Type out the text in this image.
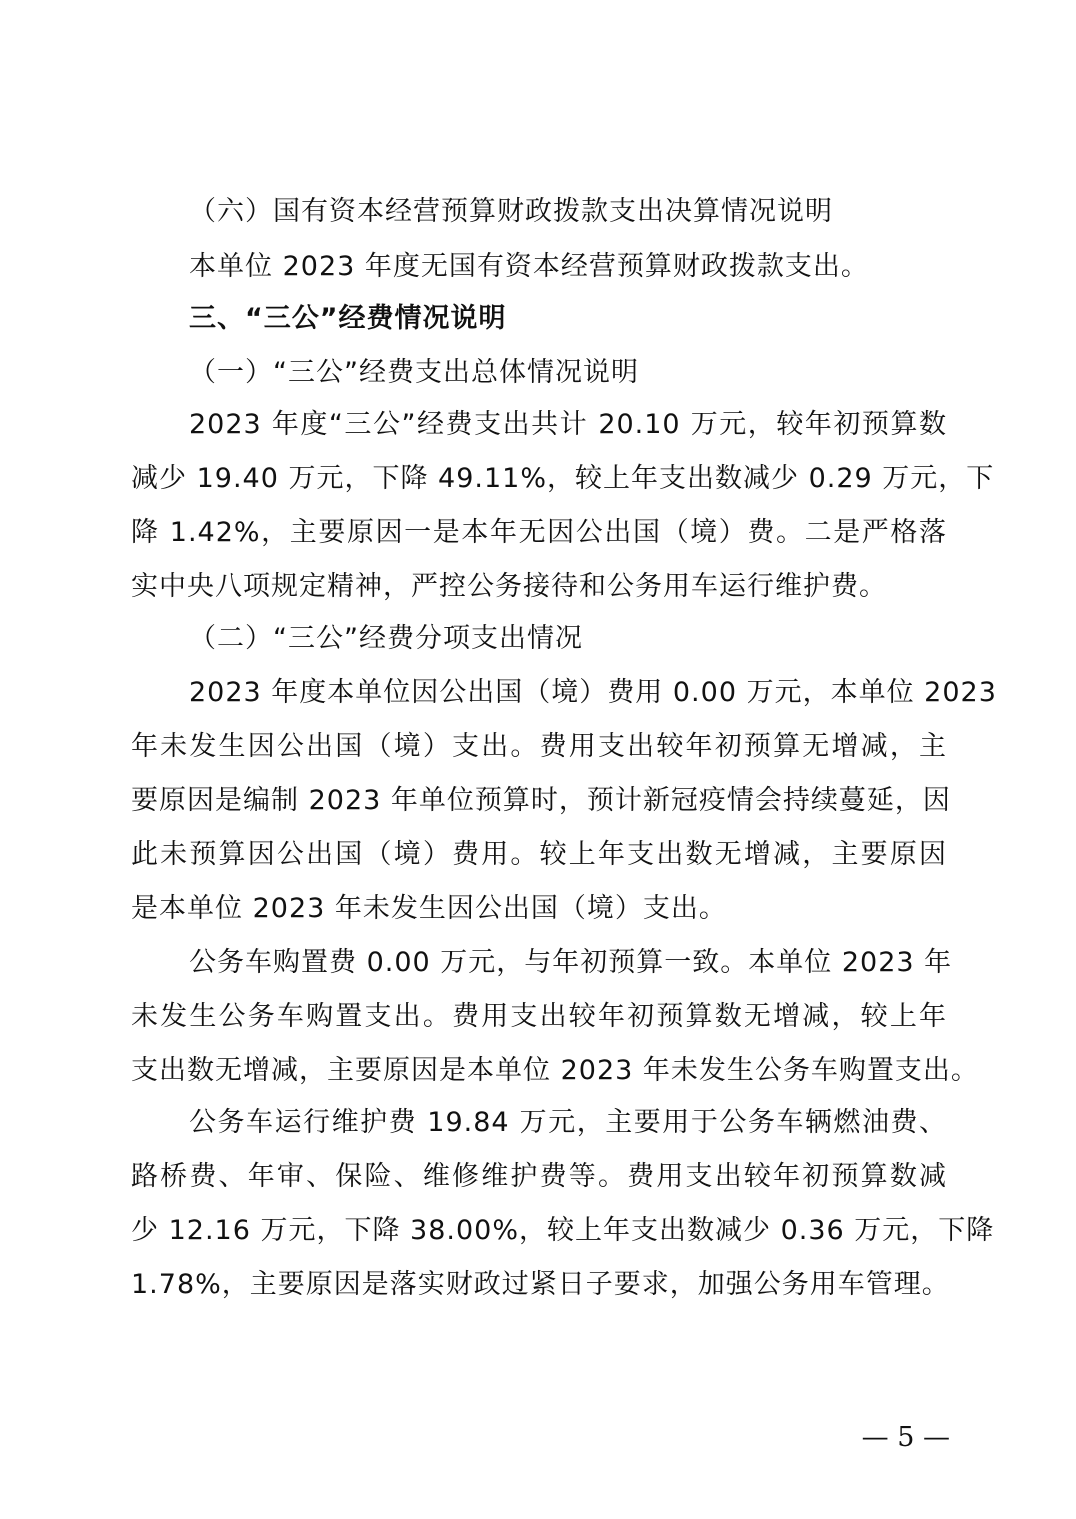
（六）国有资本经营预算财政拨款支出决算情况说明
本单位 2023 年度无国有资本经营预算财政拨款支出。
三、“三公”经费情况说明
（一）“三公”经费支出总体情况说明
2023 年度“三公”经费支出共计 20.10 万元，较年初预算数
减少 19.40 万元，下降 49.11%，较上年支出数减少 0.29 万元，下
降 1.42%，主要原因一是本年无因公出国（境）费。二是严格落
实中央八项规定精神，严控公务接待和公务用车运行维护费。
（二）“三公”经费分项支出情况
2023 年度本单位因公出国（境）费用 0.00 万元，本单位 2023
年未发生因公出国（境）支出。费用支出较年初预算无增减，主
要原因是编制 2023 年单位预算时，预计新冠疫情会持续蔓延，因
此未预算因公出国（境）费用。较上年支出数无增减，主要原因
是本单位 2023 年未发生因公出国（境）支出。
公务车购置费 0.00 万元，与年初预算一致。本单位 2023 年
未发生公务车购置支出。费用支出较年初预算数无增减，较上年
支出数无增减，主要原因是本单位 2023 年未发生公务车购置支出。
公务车运行维护费 19.84 万元，主要用于公务车辆燃油费、
路桥费、年审、保险、维修维护费等。费用支出较年初预算数减
少 12.16 万元，下降 38.00%，较上年支出数减少 0.36 万元，下降
1.78%，主要原因是落实财政过紧日子要求，加强公务用车管理。
— 5 —
